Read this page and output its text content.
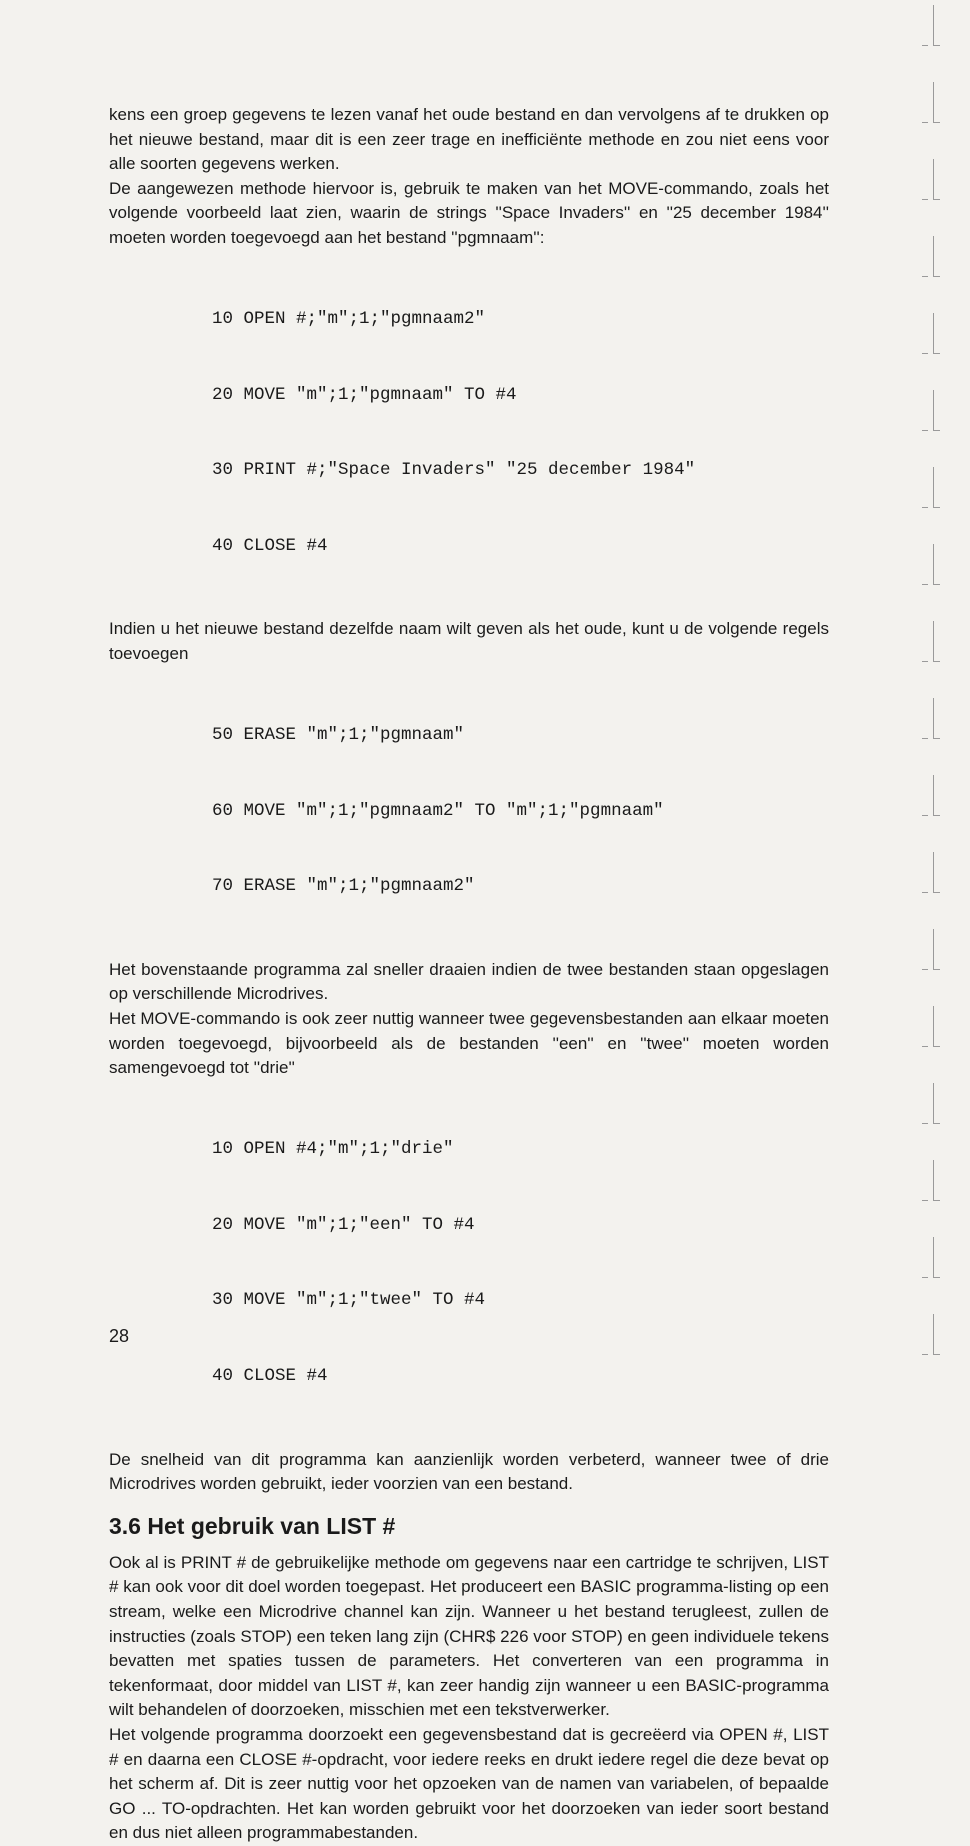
kens een groep gegevens te lezen vanaf het oude bestand en dan vervolgens af te drukken op het nieuwe bestand, maar dit is een zeer trage en inefficiënte methode en zou niet eens voor alle soorten gegevens werken.

De aangewezen methode hiervoor is, gebruik te maken van het MOVE-commando, zoals het volgende voorbeeld laat zien, waarin de strings ''Space Invaders'' en ''25 december 1984'' moeten worden toegevoegd aan het bestand ''pgmnaam'':

10 OPEN #;"m";1;"pgmnaam2"

20 MOVE "m";1;"pgmnaam" TO #4

30 PRINT #;"Space Invaders" "25 december 1984"

40 CLOSE #4

Indien u het nieuwe bestand dezelfde naam wilt geven als het oude, kunt u de volgende regels toevoegen

50 ERASE "m";1;"pgmnaam"

60 MOVE "m";1;"pgmnaam2" TO "m";1;"pgmnaam"

70 ERASE "m";1;"pgmnaam2"

Het bovenstaande programma zal sneller draaien indien de twee bestanden staan opgeslagen op verschillende Microdrives.

Het MOVE-commando is ook zeer nuttig wanneer twee gegevensbestanden aan elkaar moeten worden toegevoegd, bijvoorbeeld als de bestanden ''een'' en ''twee'' moeten worden samengevoegd tot ''drie''

10 OPEN #4;"m";1;"drie"

20 MOVE "m";1;"een" TO #4

30 MOVE "m";1;"twee" TO #4

40 CLOSE #4

De snelheid van dit programma kan aanzienlijk worden verbeterd, wanneer twee of drie Microdrives worden gebruikt, ieder voorzien van een bestand.

3.6 Het gebruik van LIST #

Ook al is PRINT # de gebruikelijke methode om gegevens naar een cartridge te schrijven, LIST # kan ook voor dit doel worden toegepast. Het produceert een BASIC programma-listing op een stream, welke een Microdrive channel kan zijn. Wanneer u het bestand terugleest, zullen de instructies (zoals STOP) een teken lang zijn (CHR$ 226 voor STOP) en geen individuele tekens bevatten met spaties tussen de parameters. Het converteren van een programma in tekenformaat, door middel van LIST #, kan zeer handig zijn wanneer u een BASIC-programma wilt behandelen of doorzoeken, misschien met een tekstverwerker.

Het volgende programma doorzoekt een gegevensbestand dat is gecreëerd via OPEN #, LIST # en daarna een CLOSE #-opdracht, voor iedere reeks en drukt iedere regel die deze bevat op het scherm af. Dit is zeer nuttig voor het opzoeken van de namen van variabelen, of bepaalde GO ... TO-opdrachten. Het kan worden gebruikt voor het doorzoeken van ieder soort bestand en dus niet alleen programmabestanden.

28
